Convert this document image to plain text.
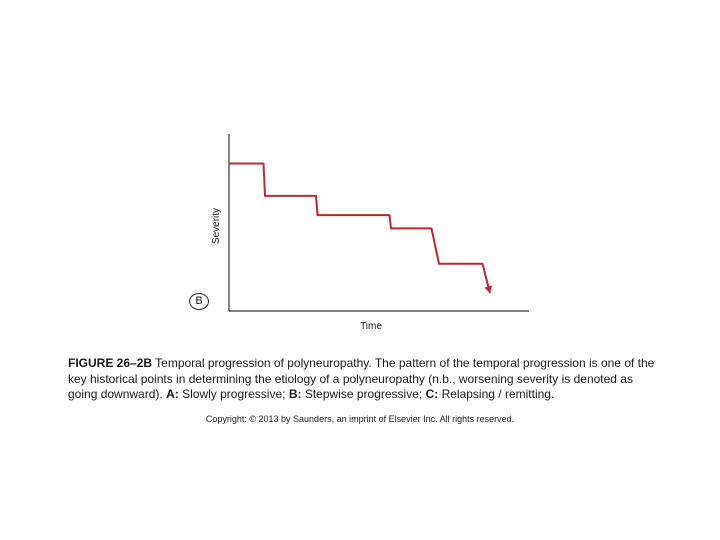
Severity
Time
B
FIGURE 26–2B Temporal progression of polyneuropathy. The pattern of the temporal progression is one of the key historical points in determining the etiology of a polyneuropathy (n.b., worsening severity is denoted as going downward). A: Slowly progressive; B: Stepwise progressive; C: Relapsing / remitting.
Copyright: © 2013 by Saunders, an imprint of Elsevier Inc. All rights reserved.
